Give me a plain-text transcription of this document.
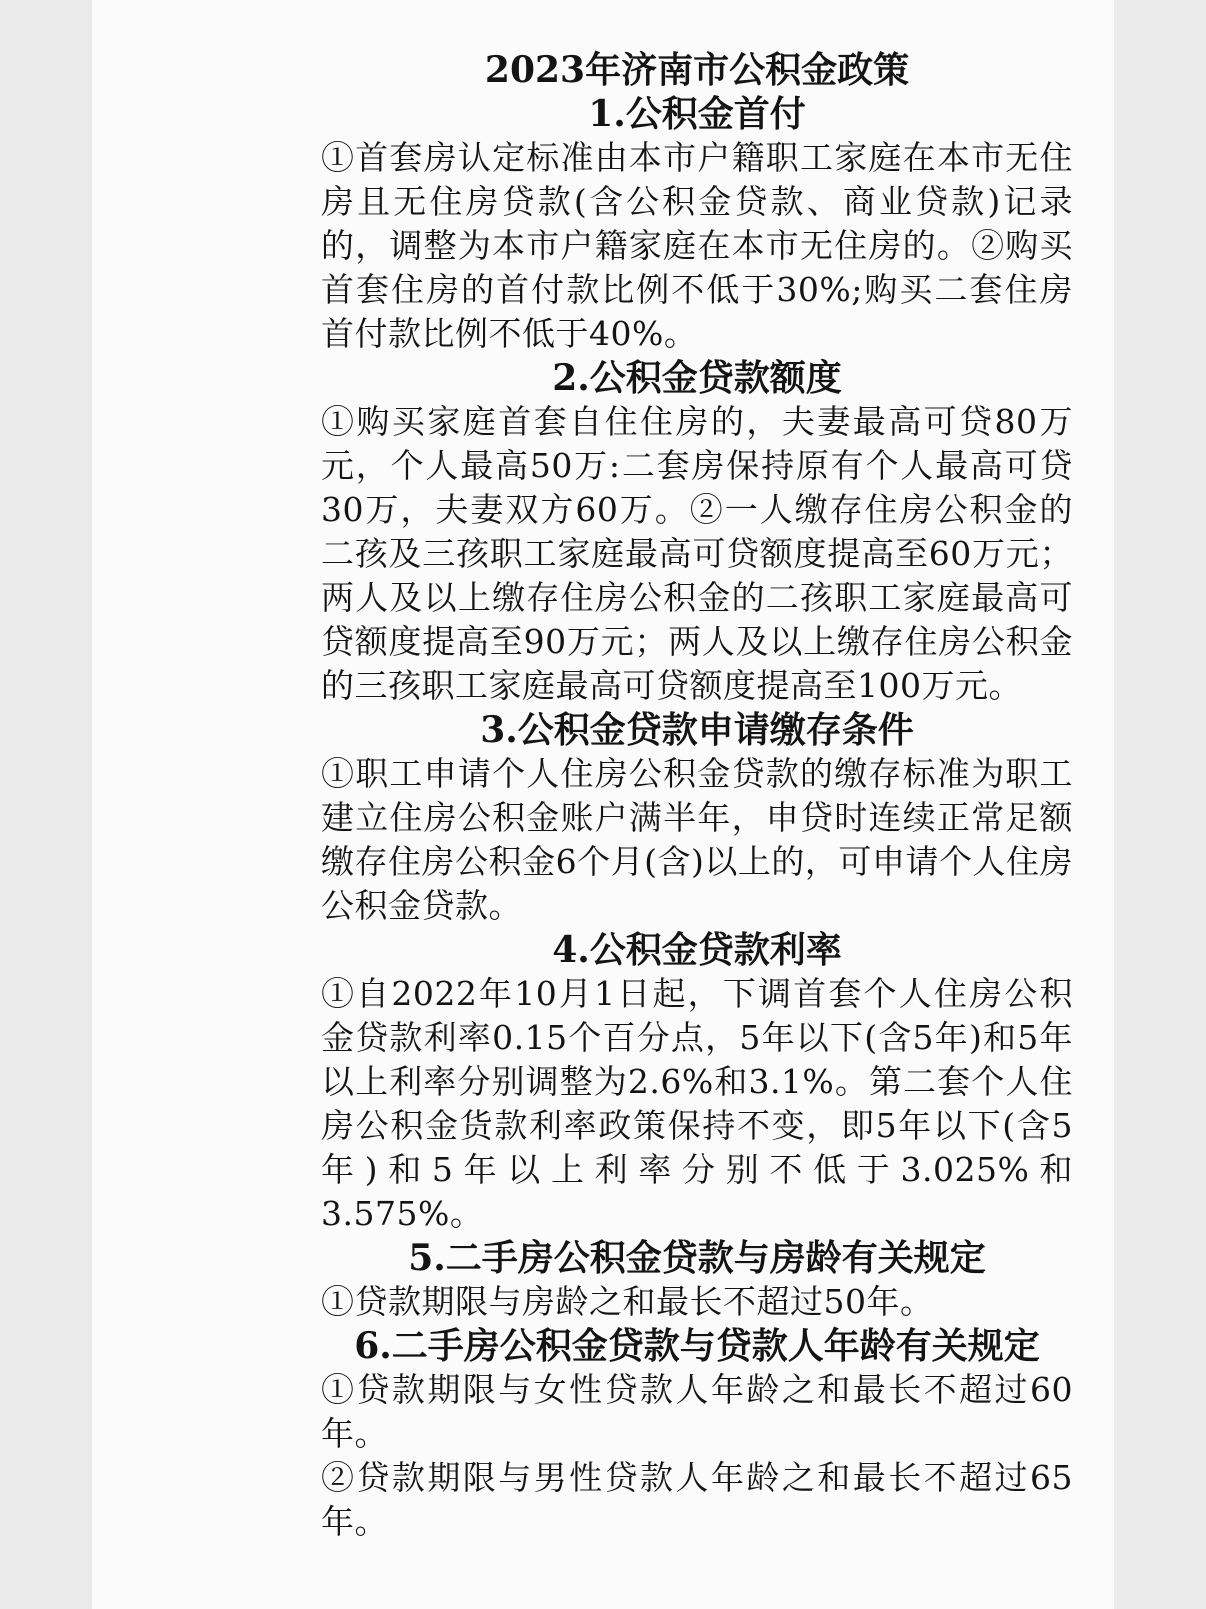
2023年济南市公积金政策
1.公积金首付
①首套房认定标准由本市户籍职工家庭在本市无住房且无住房贷款(含公积金贷款、商业贷款)记录的，调整为本市户籍家庭在本市无住房的。②购买首套住房的首付款比例不低于30%;购买二套住房首付款比例不低于40%。
2.公积金贷款额度
①购买家庭首套自住住房的，夫妻最高可贷80万元，个人最高50万:二套房保持原有个人最高可贷30万，夫妻双方60万。②一人缴存住房公积金的二孩及三孩职工家庭最高可贷额度提高至60万元；两人及以上缴存住房公积金的二孩职工家庭最高可贷额度提高至90万元；两人及以上缴存住房公积金的三孩职工家庭最高可贷额度提高至100万元。
3.公积金贷款申请缴存条件
①职工申请个人住房公积金贷款的缴存标准为职工建立住房公积金账户满半年，申贷时连续正常足额缴存住房公积金6个月(含)以上的，可申请个人住房公积金贷款。
4.公积金贷款利率
①自2022年10月1日起，下调首套个人住房公积金贷款利率0.15个百分点，5年以下(含5年)和5年以上利率分别调整为2.6%和3.1%。第二套个人住房公积金货款利率政策保持不变，即5年以下(含5年)和5年以上利率分别不低于3.025%和3.575%。
5.二手房公积金贷款与房龄有关规定
①贷款期限与房龄之和最长不超过50年。
6.二手房公积金贷款与贷款人年龄有关规定
①贷款期限与女性贷款人年龄之和最长不超过60年。
②贷款期限与男性贷款人年龄之和最长不超过65年。
